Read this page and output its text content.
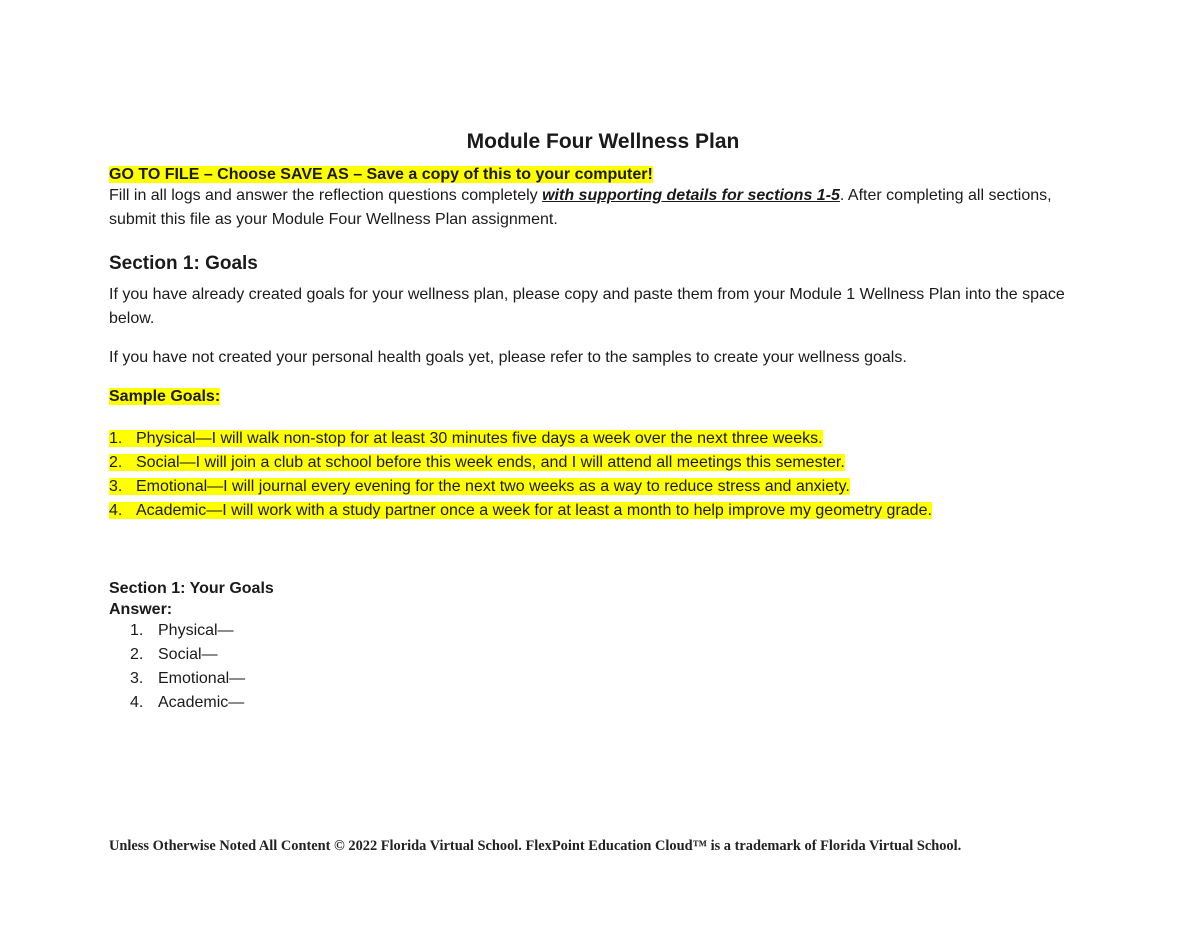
Module Four Wellness Plan
GO TO FILE – Choose SAVE AS – Save a copy of this to your computer!
Fill in all logs and answer the reflection questions completely with supporting details for sections 1-5. After completing all sections, submit this file as your Module Four Wellness Plan assignment.
Section 1: Goals
If you have already created goals for your wellness plan, please copy and paste them from your Module 1 Wellness Plan into the space below.
If you have not created your personal health goals yet, please refer to the samples to create your wellness goals.
Sample Goals:
1. Physical—I will walk non-stop for at least 30 minutes five days a week over the next three weeks.
2. Social—I will join a club at school before this week ends, and I will attend all meetings this semester.
3. Emotional—I will journal every evening for the next two weeks as a way to reduce stress and anxiety.
4. Academic—I will work with a study partner once a week for at least a month to help improve my geometry grade.
Section 1: Your Goals
Answer:
1. Physical—
2. Social—
3. Emotional—
4. Academic—
Unless Otherwise Noted All Content © 2022 Florida Virtual School. FlexPoint Education Cloud™ is a trademark of Florida Virtual School.
